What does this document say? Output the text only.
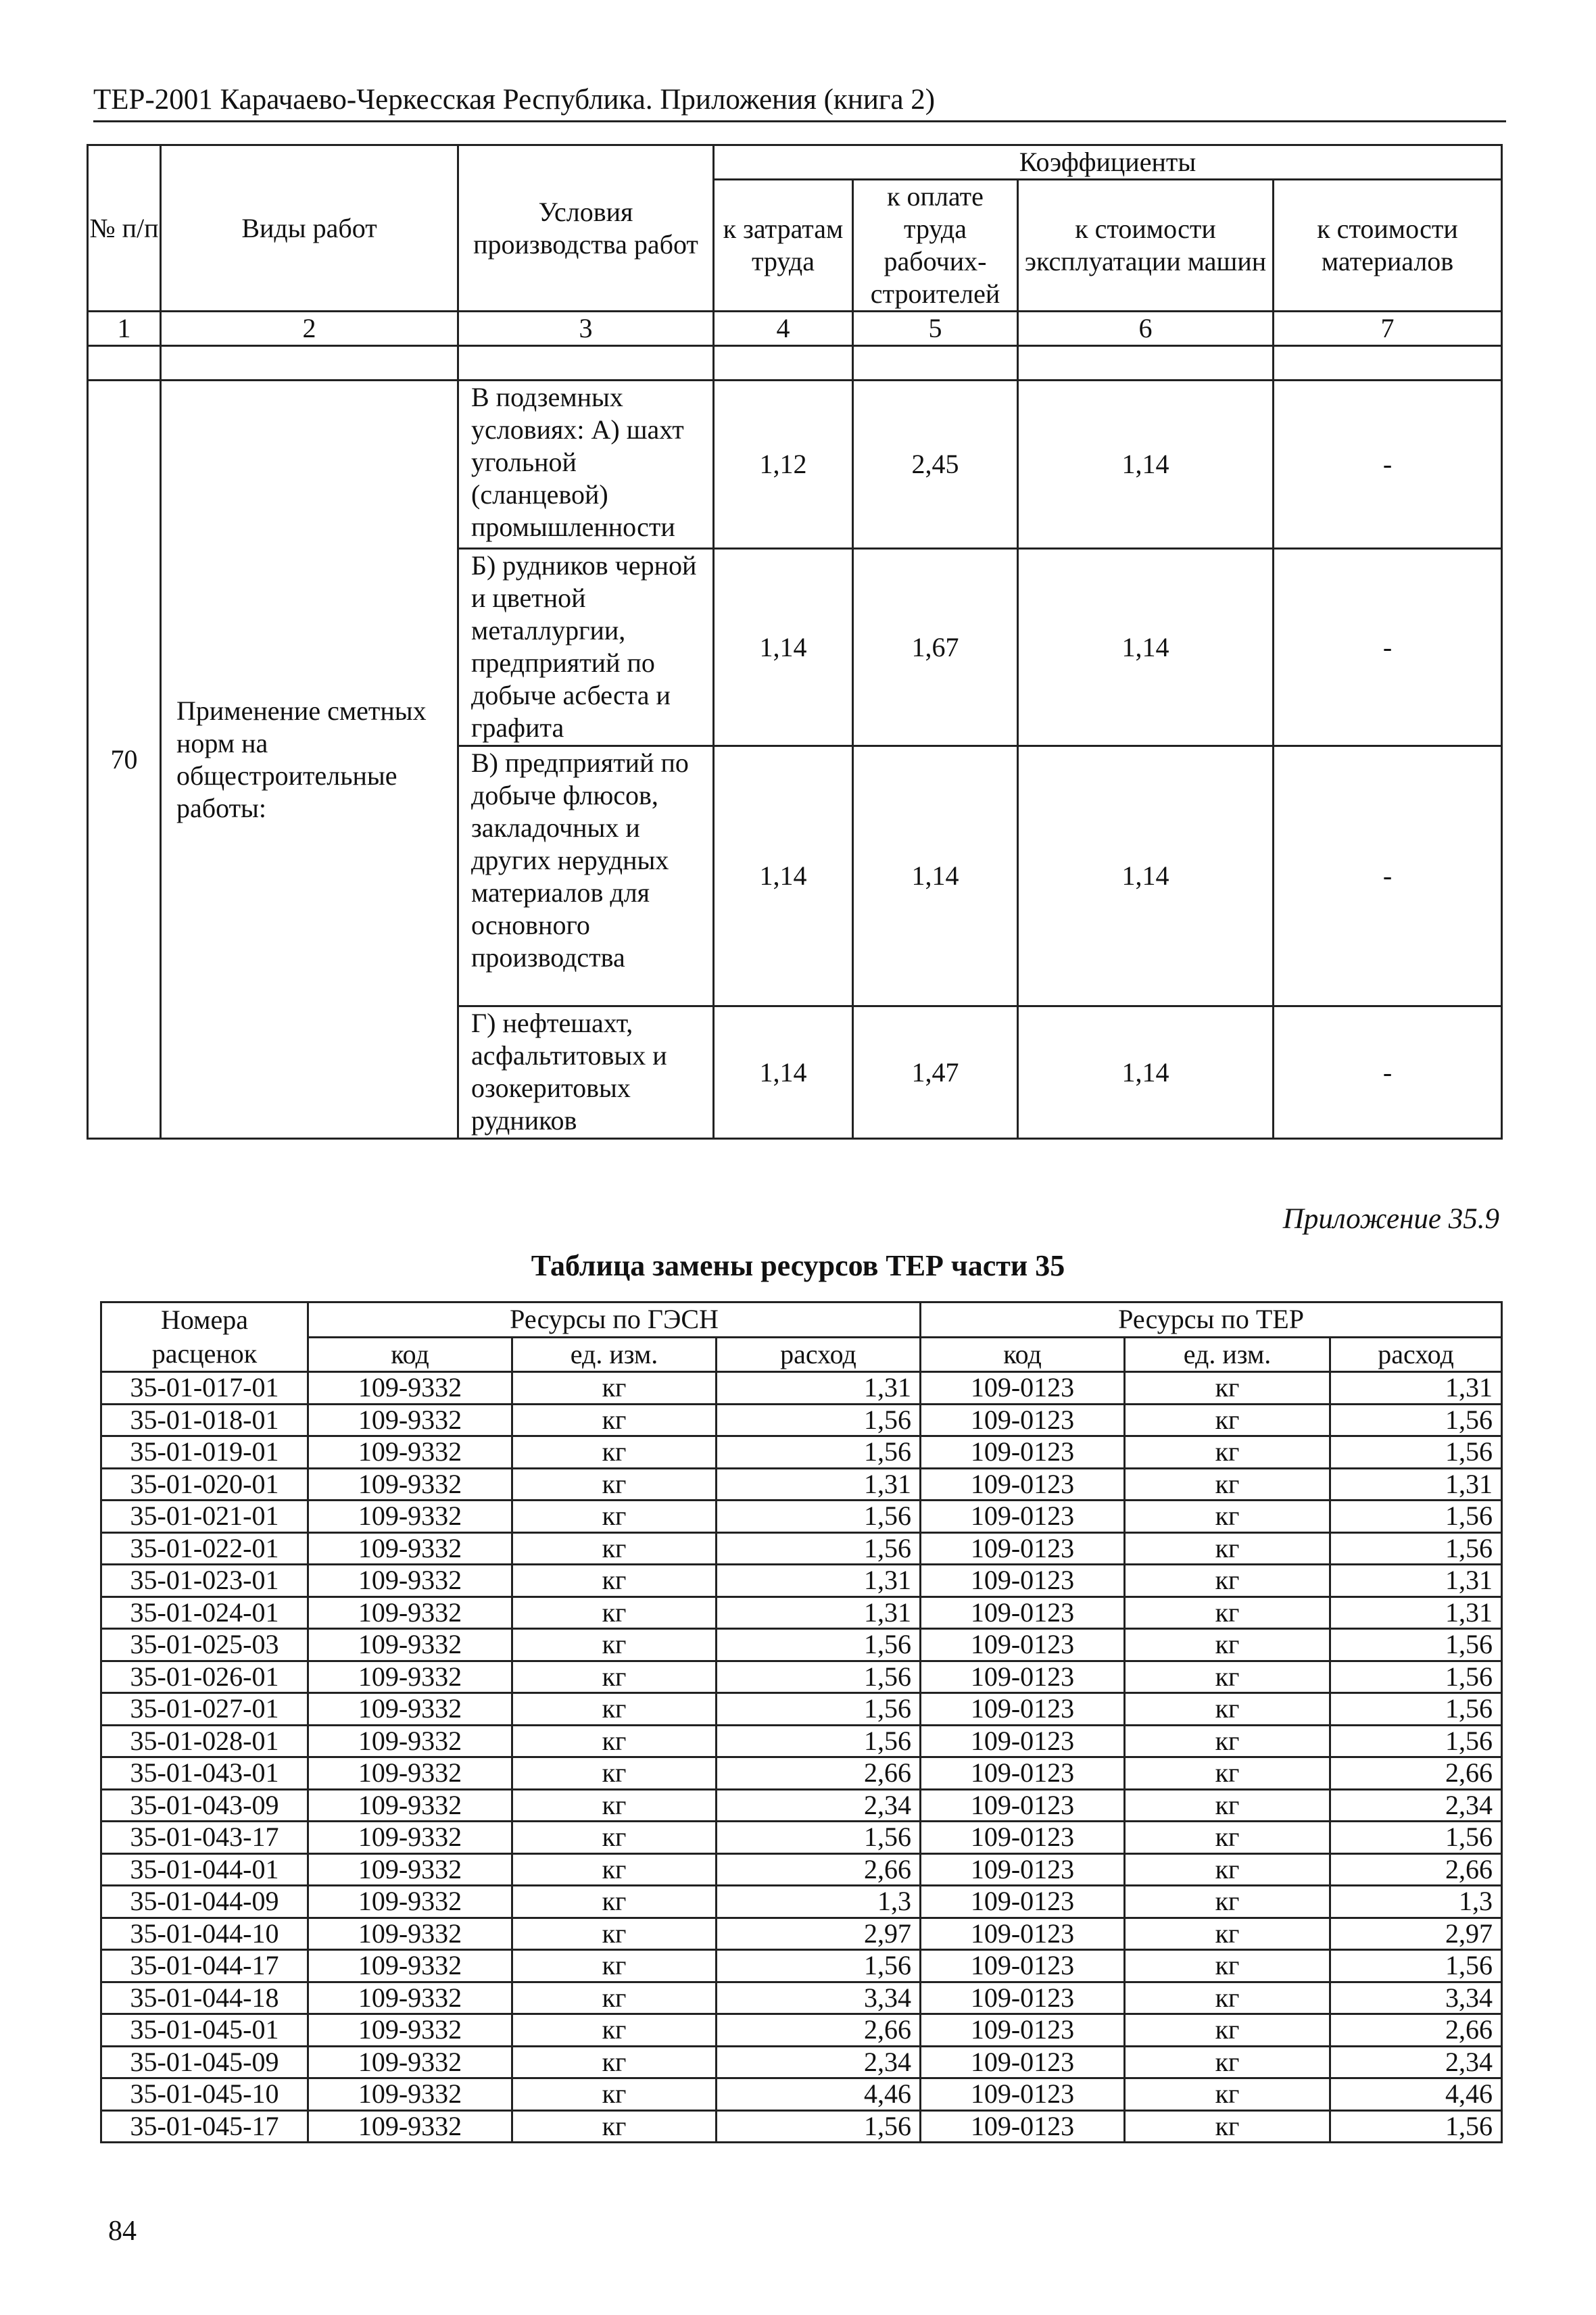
ТЕР-2001 Карачаево-Черкесская Республика. Приложения (книга 2)
№ п/п	Виды работ	Условия производства работ	Коэффициенты			
			к затратам труда	к оплате труда рабочих-строителей	к стоимости эксплуатации машин	к стоимости материалов
1	2	3	4	5	6	7

70	Применение сметных норм на общестроительные работы:	В подземных условиях: А) шахт угольной (сланцевой) промышленности	1,12	2,45	1,14	-
		Б) рудников черной и цветной металлургии, предприятий по добыче асбеста и графита	1,14	1,67	1,14	-
		В) предприятий по добыче флюсов, закладочных и других нерудных материалов для основного производства	1,14	1,14	1,14	-
		Г) нефтешахт, асфальтитовых и озокеритовых рудников	1,14	1,47	1,14	-
Приложение 35.9
Таблица замены ресурсов ТЕР части 35
Номера расценок	Ресурсы по ГЭСН			Ресурсы по ТЕР		
	код	ед. изм.	расход	код	ед. изм.	расход
35-01-017-01	109-9332	кг	1,31	109-0123	кг	1,31
35-01-018-01	109-9332	кг	1,56	109-0123	кг	1,56
35-01-019-01	109-9332	кг	1,56	109-0123	кг	1,56
35-01-020-01	109-9332	кг	1,31	109-0123	кг	1,31
35-01-021-01	109-9332	кг	1,56	109-0123	кг	1,56
35-01-022-01	109-9332	кг	1,56	109-0123	кг	1,56
35-01-023-01	109-9332	кг	1,31	109-0123	кг	1,31
35-01-024-01	109-9332	кг	1,31	109-0123	кг	1,31
35-01-025-03	109-9332	кг	1,56	109-0123	кг	1,56
35-01-026-01	109-9332	кг	1,56	109-0123	кг	1,56
35-01-027-01	109-9332	кг	1,56	109-0123	кг	1,56
35-01-028-01	109-9332	кг	1,56	109-0123	кг	1,56
35-01-043-01	109-9332	кг	2,66	109-0123	кг	2,66
35-01-043-09	109-9332	кг	2,34	109-0123	кг	2,34
35-01-043-17	109-9332	кг	1,56	109-0123	кг	1,56
35-01-044-01	109-9332	кг	2,66	109-0123	кг	2,66
35-01-044-09	109-9332	кг	1,3	109-0123	кг	1,3
35-01-044-10	109-9332	кг	2,97	109-0123	кг	2,97
35-01-044-17	109-9332	кг	1,56	109-0123	кг	1,56
35-01-044-18	109-9332	кг	3,34	109-0123	кг	3,34
35-01-045-01	109-9332	кг	2,66	109-0123	кг	2,66
35-01-045-09	109-9332	кг	2,34	109-0123	кг	2,34
35-01-045-10	109-9332	кг	4,46	109-0123	кг	4,46
35-01-045-17	109-9332	кг	1,56	109-0123	кг	1,56
84
